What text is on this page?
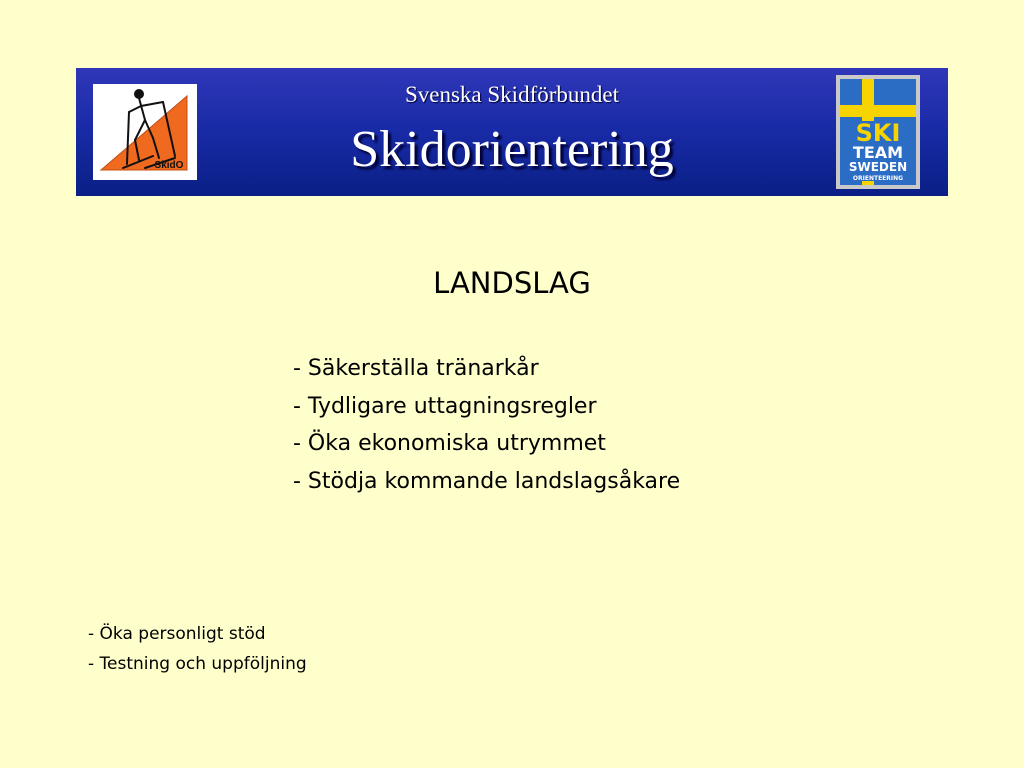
Svenska Skidförbundet
Skidorientering
SkidO
SKI
TEAM
SWEDEN
ORIENTEERING
LANDSLAG
- Säkerställa tränarkår
- Tydligare uttagningsregler
- Öka ekonomiska utrymmet
- Stödja kommande landslagsåkare
- Öka personligt stöd
- Testning och uppföljning
